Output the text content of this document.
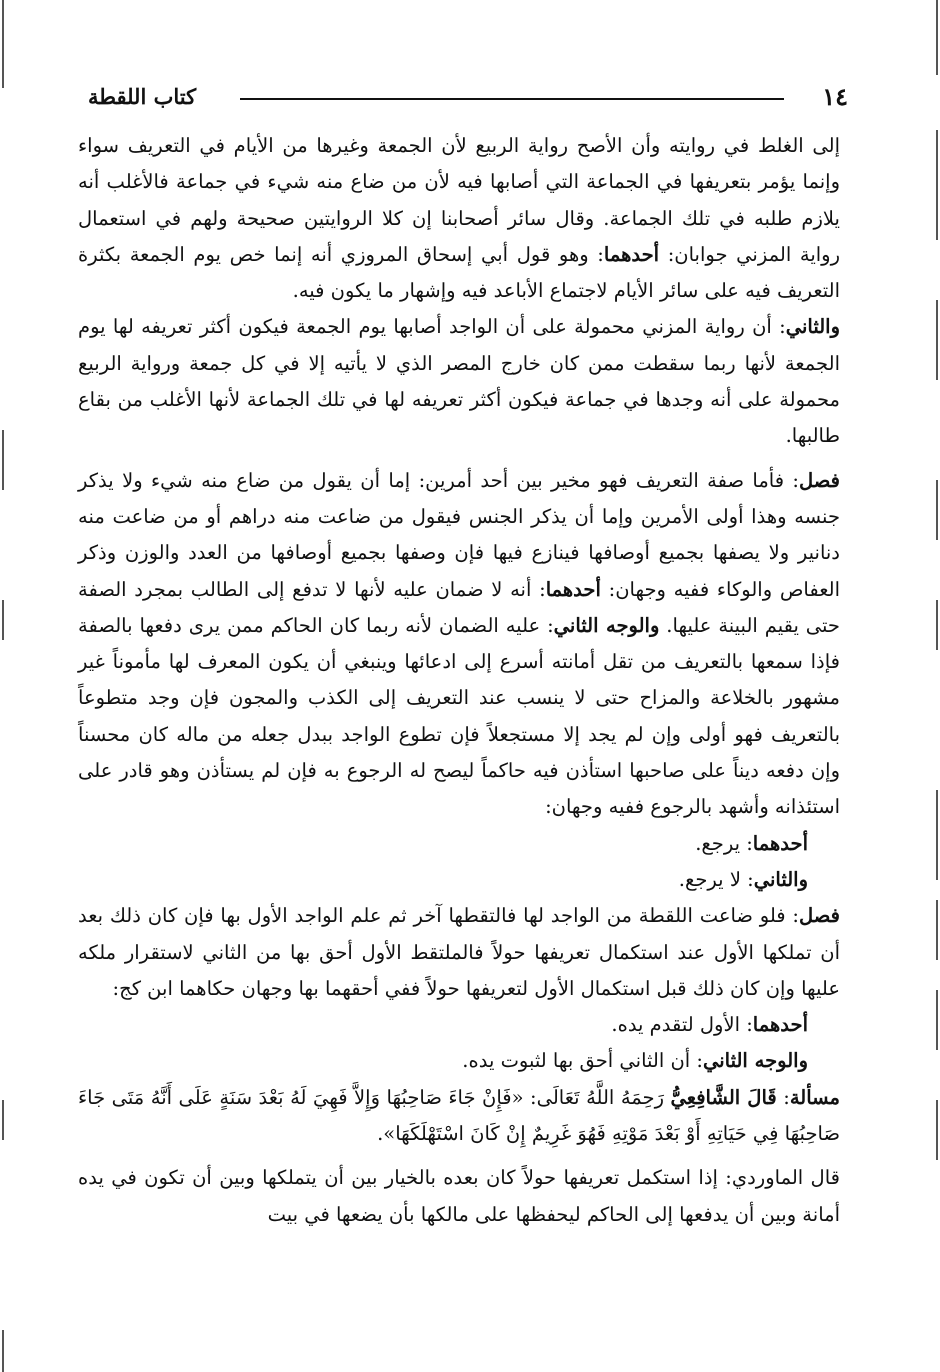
١٤
كتاب اللقطة

إلى الغلط في روايته وأن الأصح رواية الربيع لأن الجمعة وغيرها من الأيام في التعريف سواء وإنما يؤمر بتعريفها في الجماعة التي أصابها فيه لأن من ضاع منه شيء في جماعة فالأغلب أنه يلازم طلبه في تلك الجماعة. وقال سائر أصحابنا إن كلا الروايتين صحيحة ولهم في استعمال رواية المزني جوابان: أحدهما: وهو قول أبي إسحاق المروزي أنه إنما خص يوم الجمعة بكثرة التعريف فيه على سائر الأيام لاجتماع الأباعد فيه وإشهار ما يكون فيه.

والثاني: أن رواية المزني محمولة على أن الواجد أصابها يوم الجمعة فيكون أكثر تعريفه لها يوم الجمعة لأنها ربما سقطت ممن كان خارج المصر الذي لا يأتيه إلا في كل جمعة ورواية الربيع محمولة على أنه وجدها في جماعة فيكون أكثر تعريفه لها في تلك الجماعة لأنها الأغلب من بقاع طالبها.

فصل: فأما صفة التعريف فهو مخير بين أحد أمرين: إما أن يقول من ضاع منه شيء ولا يذكر جنسه وهذا أولى الأمرين وإما أن يذكر الجنس فيقول من ضاعت منه دراهم أو من ضاعت منه دنانير ولا يصفها بجميع أوصافها فينازع فيها فإن وصفها بجميع أوصافها من العدد والوزن وذكر العفاص والوكاء ففيه وجهان: أحدهما: أنه لا ضمان عليه لأنها لا تدفع إلى الطالب بمجرد الصفة حتى يقيم البينة عليها. والوجه الثاني: عليه الضمان لأنه ربما كان الحاكم ممن يرى دفعها بالصفة فإذا سمعها بالتعريف من تقل أمانته أسرع إلى ادعائها وينبغي أن يكون المعرف لها مأموناً غير مشهور بالخلاعة والمزاح حتى لا ينسب عند التعريف إلى الكذب والمجون فإن وجد متطوعاً بالتعريف فهو أولى وإن لم يجد إلا مستجعلاً فإن تطوع الواجد ببدل جعله من ماله كان محسناً وإن دفعه ديناً على صاحبها استأذن فيه حاكماً ليصح له الرجوع به فإن لم يستأذن وهو قادر على استئذانه وأشهد بالرجوع ففيه وجهان:

أحدهما: يرجع.

والثاني: لا يرجع.

فصل: فلو ضاعت اللقطة من الواجد لها فالتقطها آخر ثم علم الواجد الأول بها فإن كان ذلك بعد أن تملكها الأول عند استكمال تعريفها حولاً فالملتقط الأول أحق بها من الثاني لاستقرار ملكه عليها وإن كان ذلك قبل استكمال الأول لتعريفها حولاً ففي أحقهما بها وجهان حكاهما ابن كج:

أحدهما: الأول لتقدم يده.

والوجه الثاني: أن الثاني أحق بها لثبوت يده.

مسألة: قَالَ الشَّافِعِيُّ رَحِمَهُ اللَّهُ تَعَالَى: «فَإِنْ جَاءَ صَاحِبُهَا وَإِلاَّ فَهِيَ لَهُ بَعْدَ سَنَةٍ عَلَى أَنَّهُ مَتَى جَاءَ صَاحِبُهَا فِي حَيَاتِهِ أَوْ بَعْدَ مَوْتِهِ فَهُوَ غَرِيمٌ إِنْ كَانَ اسْتَهْلَكَهَا».

قال الماوردي: إذا استكمل تعريفها حولاً كان بعده بالخيار بين أن يتملكها وبين أن تكون في يده أمانة وبين أن يدفعها إلى الحاكم ليحفظها على مالكها بأن يضعها في بيت
